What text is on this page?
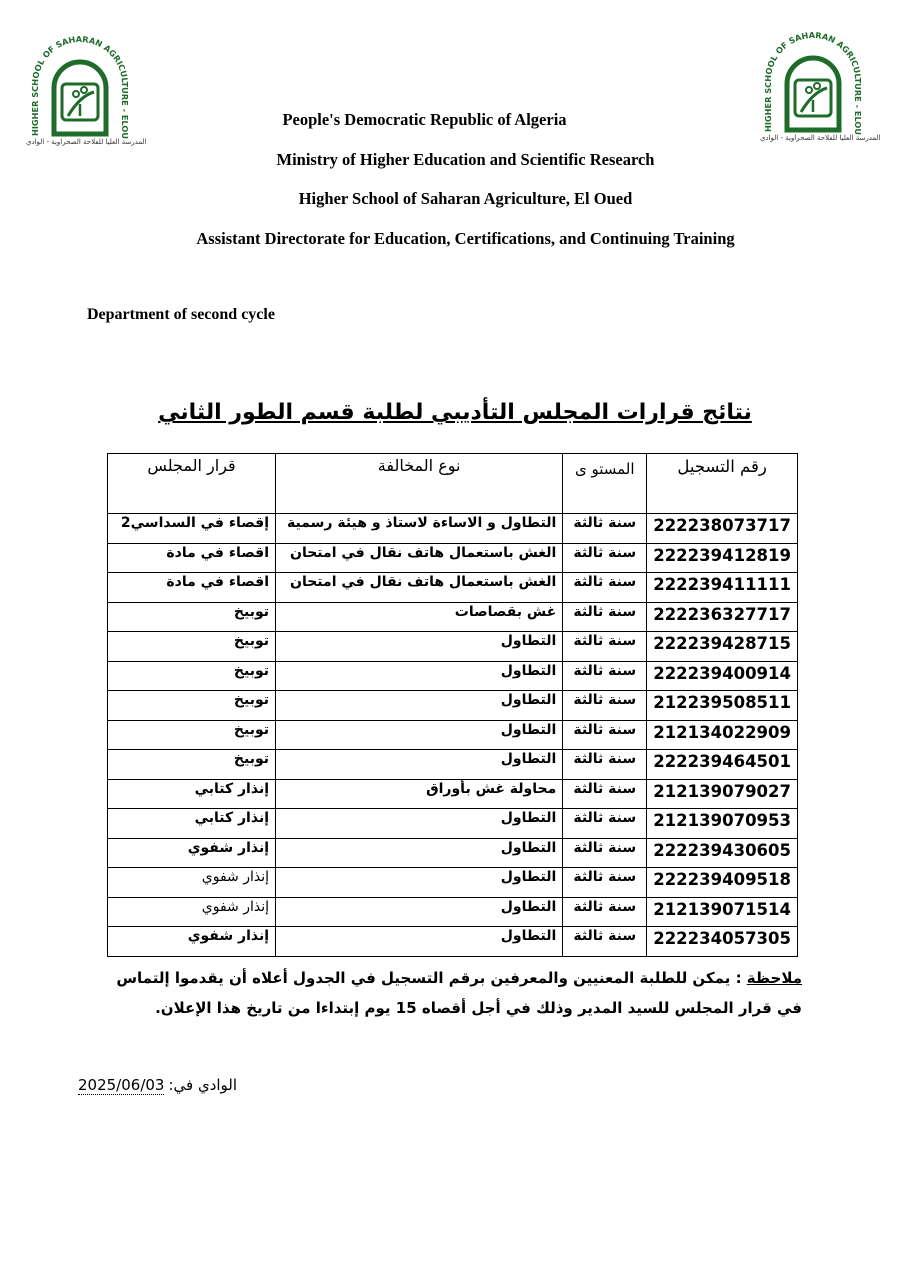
HIGHER SCHOOL OF SAHARAN AGRICULTURE - ELOU
المدرسة العليا للفلاحة الصحراوية - الوادي
HIGHER SCHOOL OF SAHARAN AGRICULTURE - ELOU
المدرسة العليا للفلاحة الصحراوية - الوادي
People's Democratic Republic of Algeria
Ministry of Higher Education and Scientific Research
Higher School of Saharan Agriculture, El Oued
Assistant Directorate for Education, Certifications, and Continuing Training
Department of second cycle
نتائج قرارات المجلس التأديبي لطلبة قسم الطور الثاني
رقم التسجيل	المستو ى	نوع المخالفة	قرار المجلس
222238073717	سنة ثالثة	التطاول و الاساءة لاستاذ و هيئة رسمية	إقصاء في السداسي2
222239412819	سنة ثالثة	الغش باستعمال هاتف نقال في امتحان	اقصاء في مادة
222239411111	سنة ثالثة	الغش باستعمال هاتف نقال في امتحان	اقصاء في مادة
222236327717	سنة ثالثة	غش بقصاصات	توبيخ
222239428715	سنة ثالثة	التطاول	توبيخ
222239400914	سنة ثالثة	التطاول	توبيخ
212239508511	سنة ثالثة	التطاول	توبيخ
212134022909	سنة ثالثة	التطاول	توبيخ
222239464501	سنة ثالثة	التطاول	توبيخ
212139079027	سنة ثالثة	محاولة غش بأوراق	إنذار كتابي
212139070953	سنة ثالثة	التطاول	إنذار كتابي
222239430605	سنة ثالثة	التطاول	إنذار شفوي
222239409518	سنة ثالثة	التطاول	إنذار شفوي
212139071514	سنة ثالثة	التطاول	إنذار شفوي
222234057305	سنة ثالثة	التطاول	إنذار شفوي
ملاحظة : يمكن للطلبة المعنيين والمعرفين برقم التسجيل في الجدول أعلاه أن يقدموا إلتماس في قرار المجلس للسيد المدير وذلك في أجل أقصاه 15 يوم إبتداءا من تاريخ هذا الإعلان.
2025/06/03 الوادي في:
